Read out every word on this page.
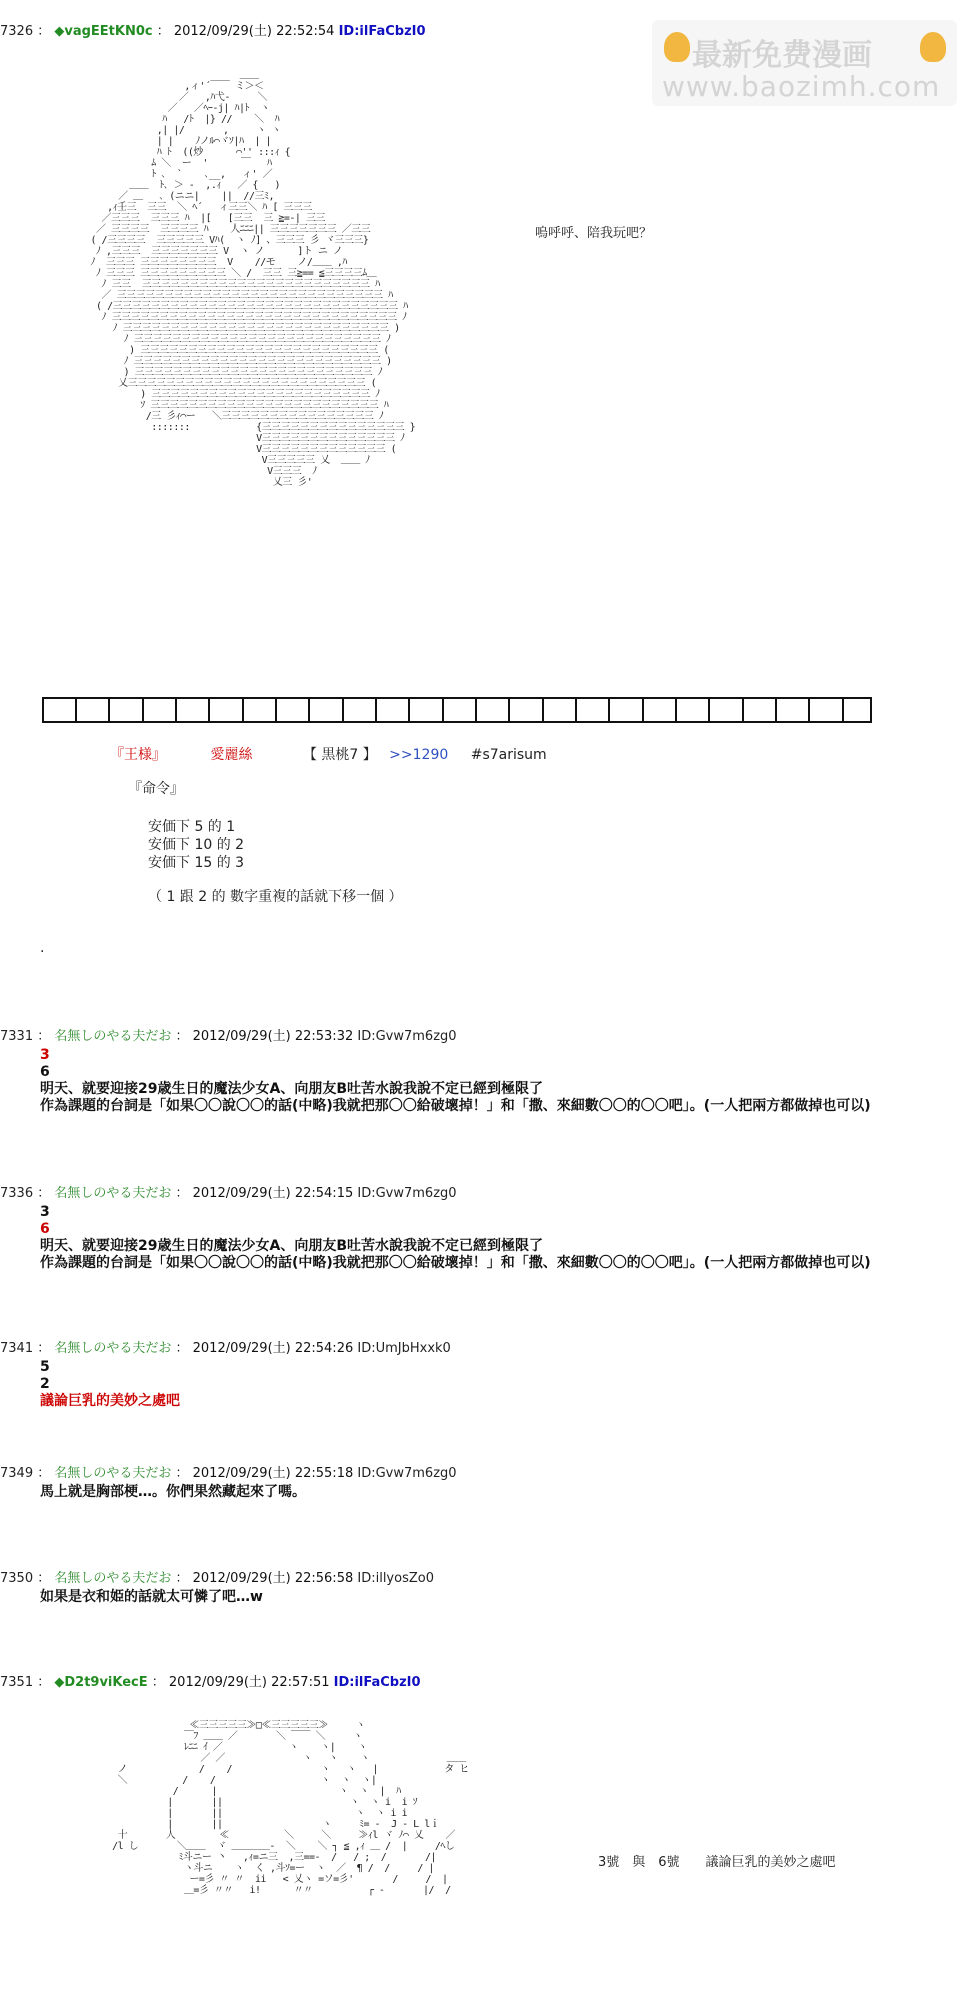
最新免费漫画
www.baozimh.com
7326 ： ◆vagEEtKN0c ： 2012/09/29(土) 22:52:54 ID:ilFaCbzI0
＿＿
,ィ'´￣￣ ミ＞＜
／   ,ﾊ弋-     ＼
／   ／ﾍｰ-j| ﾊ|ﾄ  ヽ
ﾊ   /ﾄ  |} //    ＼  ﾊ
,| |/       ,     ヽ ヽ
| |    ﾉノﾙ⌒ヾｿ|ﾊ  | |
ﾊ ﾄ  ((炒      ⌒'' :::ｨ {
ﾑ ＼  ー  '      ￣   ﾊ
ﾄ ､  `    ､__,   ィ' ／
＿＿  ﾄ､ ＞ ‐  ,.ｨ   ／ {   )
／ ＿   ､ (ニニ|    ||  //三ﾐ,
,ｨ壬三  三三  ＼ ﾍ´   ィ三三＼ ﾊ [ 三三三
／三三三  三三三 ﾊ  |[   [三三  三 ≧=-| 三三
／ 三三三三  三三三三 ﾊ    人ﾆﾆﾆ|| 三三三三三三三 ／三三
( /三三三三  三三三三三 Vﾊ(  ヽ ﾉ] 、三三三 彡 ヾ三三三}
ﾉ ,三三三  三三三三三三三 V  ヽ ノ      ]ト ニ ノ
ﾉ  三三三 三三三三三三三三  V    //モ    ノ/＿＿ ,ﾊ
ﾉ 三三三 三三三三三三三三三 ＼ /  三三 三≧== ≦三三三三ﾑ＿
ﾉ 三三  三三三三三三三三三三三三三三三三三三三三三三三三 ﾊ
／ 三三三三三三三三三三三三三三三三三三三三三三三三三三三三 ﾊ
( /三三三三三三三三三三三三三三三三三三三三三三三三三三三三三三 ﾊ
ﾉ 三三三三三三三三三三三三三三三三三三三三三三三三三三三三三三 ﾉ
ﾉ 三三三三三三三三三三三三三三三三三三三三三三三三三三三三 )
ﾉ 三三三三三三三三三三三三三三三三三三三三三三三三三三 ﾉ
) 三三三三三三三三三三三三三三三三三三三三三三三三三 (
ﾉ 三三三三三三三三三三三三三三三三三三三三三三三三三三 )
) 三三三三三三三三三三三三三三三三三三三三三三三三三 ﾉ
乂三三三三三三三三三三三三三三三三三三三三三三三三三 (
) 三三三三三三三三三三三三三三三三三三三三三三三 ﾉ
ｿ 三三三三三三三三三三三三三三三三三三三三三三三三 ﾊ
/三 彡ｨ⌒ー   ＼三三三三三三三三三三三三三三三三 ﾉ
:::::::            {三三三三三三三三三三三三三三三 }
V三三三三三三三三三三三三三三 ﾉ
V三三三三三三三三三三三三三 (
V三三三三三 乂  ＿＿ ﾉ
V三三三  ﾉ
乂三 彡'
嗚呼呼、陪我玩吧？
『王様』	愛麗絲	【 黒桃7 】 >>1290 #s7arisum
『命令』
安価下 5 的 1
安価下 10 的 2
安価下 15 的 3
（ 1 跟 2 的 數字重複的話就下移一個 ）
.
7331 ： 名無しのやる夫だお ： 2012/09/29(土) 22:53:32 ID:Gvw7m6zg0
3
6
明天、就要迎接29歳生日的魔法少女A、向朋友B吐苦水說我說不定已經到極限了
作為課題的台詞是「如果〇〇說〇〇的話(中略)我就把那〇〇給破壞掉！」和「撒、來細數〇〇的〇〇吧」。(一人把兩方都做掉也可以)
7336 ： 名無しのやる夫だお ： 2012/09/29(土) 22:54:15 ID:Gvw7m6zg0
3
6
明天、就要迎接29歳生日的魔法少女A、向朋友B吐苦水說我說不定已經到極限了
作為課題的台詞是「如果〇〇說〇〇的話(中略)我就把那〇〇給破壞掉！」和「撒、來細數〇〇的〇〇吧」。(一人把兩方都做掉也可以)
7341 ： 名無しのやる夫だお ： 2012/09/29(土) 22:54:26 ID:UmJbHxxk0
5
2
議論巨乳的美妙之處吧
7349 ： 名無しのやる夫だお ： 2012/09/29(土) 22:55:18 ID:Gvw7m6zg0
馬上就是胸部梗…。你們果然藏起來了嗎。
7350 ： 名無しのやる夫だお ： 2012/09/29(土) 22:56:58 ID:illyosZo0
如果是衣和姫的話就太可憐了吧…w
7351 ： ◆D2t9viKecE ： 2012/09/29(土) 22:57:51 ID:ilFaCbzI0
≪三三三三三≫□≪三三三三三≫     ヽ
￣ﾌ ＿＿ ／       ＼ ￣￣ ＼     ヽ
ﾚﾆﾆ ｲ ／            ヽ    ヽ|    ヽ
／ ／              ヽ   ヽ    ヽ              ＿＿
ノ             /    /                ヽ   ヽ   |            タ ヒ
＼          /    /                   ヽ  ヽ  ヽ|
/      |                      ヽ  ヽ  |  ﾊ
|       ||                       ヽ  ヽ i  i ｿ
|       ||                        ヽ  ヽ i i
|       ||                  ヽ     ﾐ= -  J - L lｉ
十       人        ≪          ＼     ＼     ≫ｨl ヾ ﾉ⌒ 乂    ／
/l し       ＼＿＿  ヾ ＿＿＿＿-  ＼    ＼ ┐ ≦ ,ｨ ＿ /  |     /ﾍし
ﾐ斗ニー 丶   ,ｨ=ニ三  ,三==-  /   / ;  /       /|
ヽ斗ニ    ヽ  く ,斗ｿ=ー  ヽ  ／  ¶ /  /     / |
ー=彡 〃 〃  ii   < 乂ヽ =ソ=彡'       /     /  |
＿=彡 〃〃   i!      〃〃          ┌ -       |/  /
3號　與　6號　　議論巨乳的美妙之處吧
